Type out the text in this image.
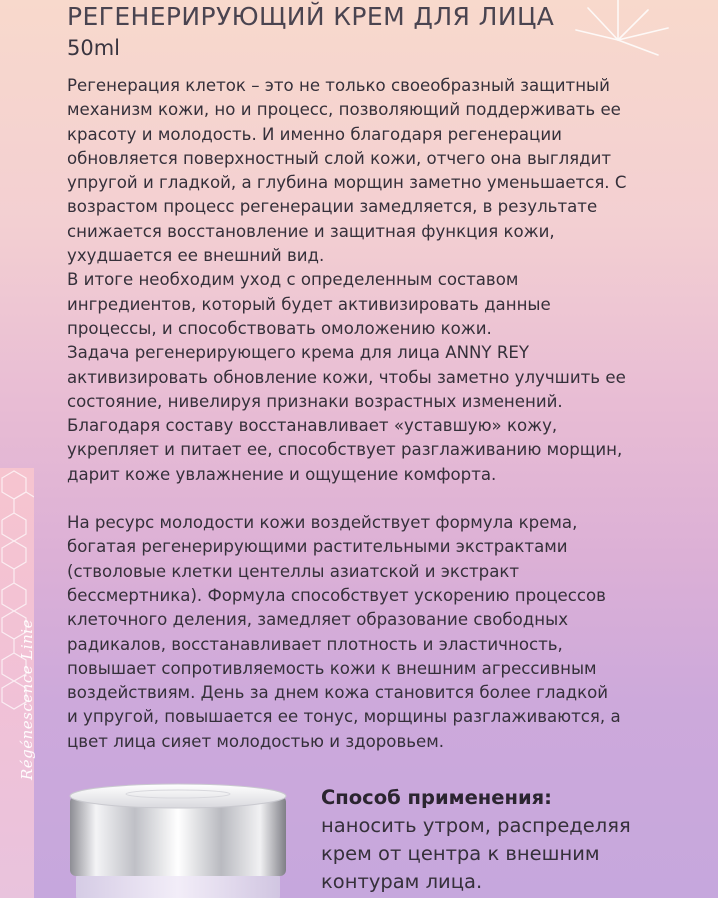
Régénescence Linie
РЕГЕНЕРИРУЮЩИЙ КРЕМ ДЛЯ ЛИЦА
50ml
Регенерация клеток – это не только своеобразный защитный
механизм кожи, но и процесс, позволяющий поддерживать ее
красоту и молодость. И именно благодаря регенерации
обновляется поверхностный слой кожи, отчего она выглядит
упругой и гладкой, а глубина морщин заметно уменьшается. С
возрастом процесс регенерации замедляется, в результате
снижается восстановление и защитная функция кожи,
ухудшается ее внешний вид.
В итоге необходим уход с определенным составом
ингредиентов, который будет активизировать данные
процессы, и способствовать омоложению кожи.
Задача регенерирующего крема для лица ANNY REY
активизировать обновление кожи, чтобы заметно улучшить ее
состояние, нивелируя признаки возрастных изменений.
Благодаря составу восстанавливает «уставшую» кожу,
укрепляет и питает ее, способствует разглаживанию морщин,
дарит коже увлажнение и ощущение комфорта.
На ресурс молодости кожи воздействует формула крема,
богатая регенерирующими растительными экстрактами
(стволовые клетки центеллы азиатской и экстракт
бессмертника). Формула способствует ускорению процессов
клеточного деления, замедляет образование свободных
радикалов, восстанавливает плотность и эластичность,
повышает сопротивляемость кожи к внешним агрессивным
воздействиям. День за днем кожа становится более гладкой
и упругой, повышается ее тонус, морщины разглаживаются, а
цвет лица сияет молодостью и здоровьем.
Способ применения:
наносить утром, распределяя
крем от центра к внешним
контурам лица.
